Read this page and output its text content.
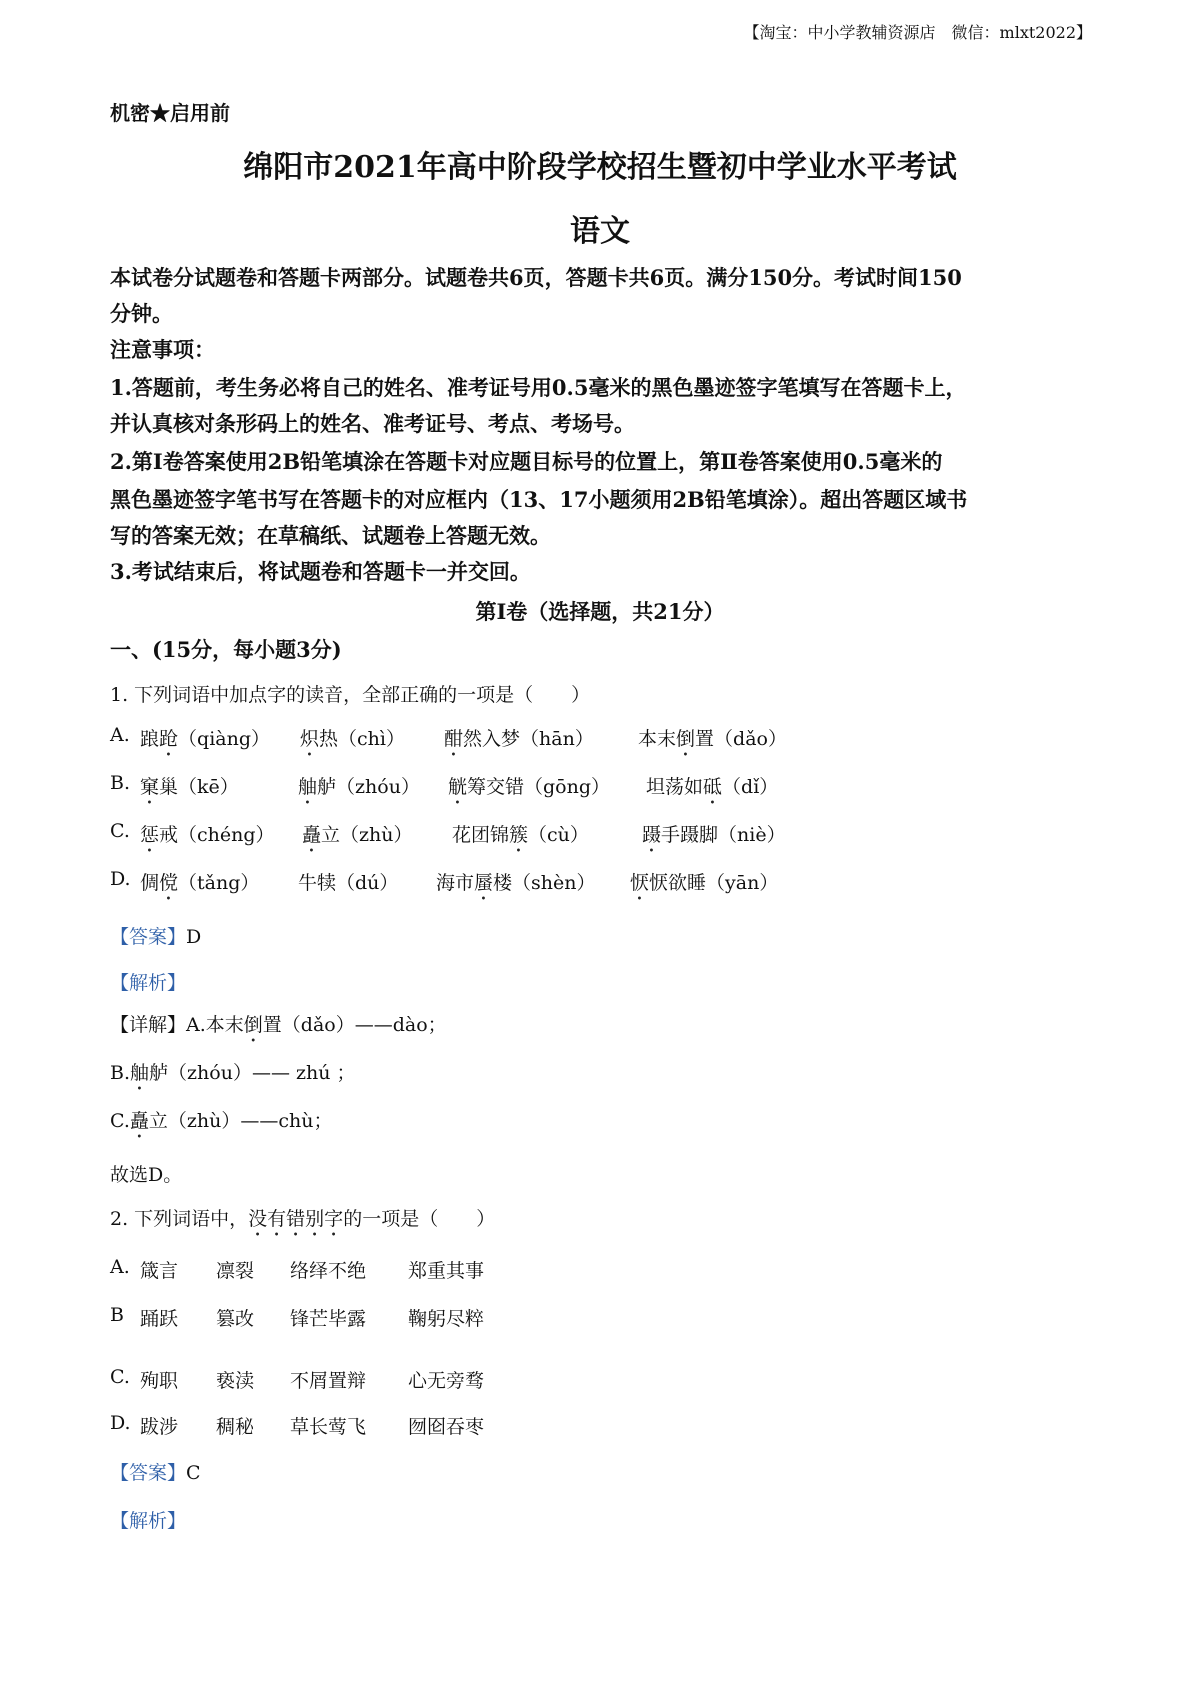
【淘宝：中小学教辅资源店　微信：mlxt2022】
机密★启用前
绵阳市2021年高中阶段学校招生暨初中学业水平考试
语文
本试卷分试题卷和答题卡两部分。试题卷共6页，答题卡共6页。满分150分。考试时间150
分钟。
注意事项：
1.答题前，考生务必将自己的姓名、准考证号用0.5毫米的黑色墨迹签字笔填写在答题卡上，
并认真核对条形码上的姓名、准考证号、考点、考场号。
2.第Ⅰ卷答案使用2B铅笔填涂在答题卡对应题目标号的位置上，第Ⅱ卷答案使用0.5毫米的
黑色墨迹签字笔书写在答题卡的对应框内（13、17小题须用2B铅笔填涂）。超出答题区域书
写的答案无效；在草稿纸、试题卷上答题无效。
3.考试结束后，将试题卷和答题卡一并交回。
第Ⅰ卷（选择题，共21分）
一、(15分，每小题3分)
1. 下列词语中加点字的读音，全部正确的一项是（　　）
A. 踉跄（qiàng） 炽热（chì） 酣然入梦（hān） 本末倒置（dǎo）
B. 窠巢（kē）	舳舻（zhóu） 觥筹交错（gōng） 坦荡如砥（dǐ）
C. 惩戒（chéng） 矗立（zhù） 花团锦簇（cù）	蹑手蹑脚（niè）
D. 倜傥（tǎng） 牛犊（dú） 海市蜃楼（shèn） 恹恹欲睡（yān）
【答案】D
【解析】
【详解】A.本末倒置（dǎo）——dào；
B.舳舻（zhóu）—— zhú ；
C.矗立（zhù）——chù；
故选D。
2. 下列词语中，没有错别字的一项是（　　）
A. 箴言 凛裂 络绎不绝 郑重其事
B 踊跃 篡改 锋芒毕露 鞠躬尽粹
C. 殉职 亵渎 不屑置辩 心无旁骛
D. 跋涉 稠秘 草长莺飞 囫囵吞枣
【答案】C
【解析】
